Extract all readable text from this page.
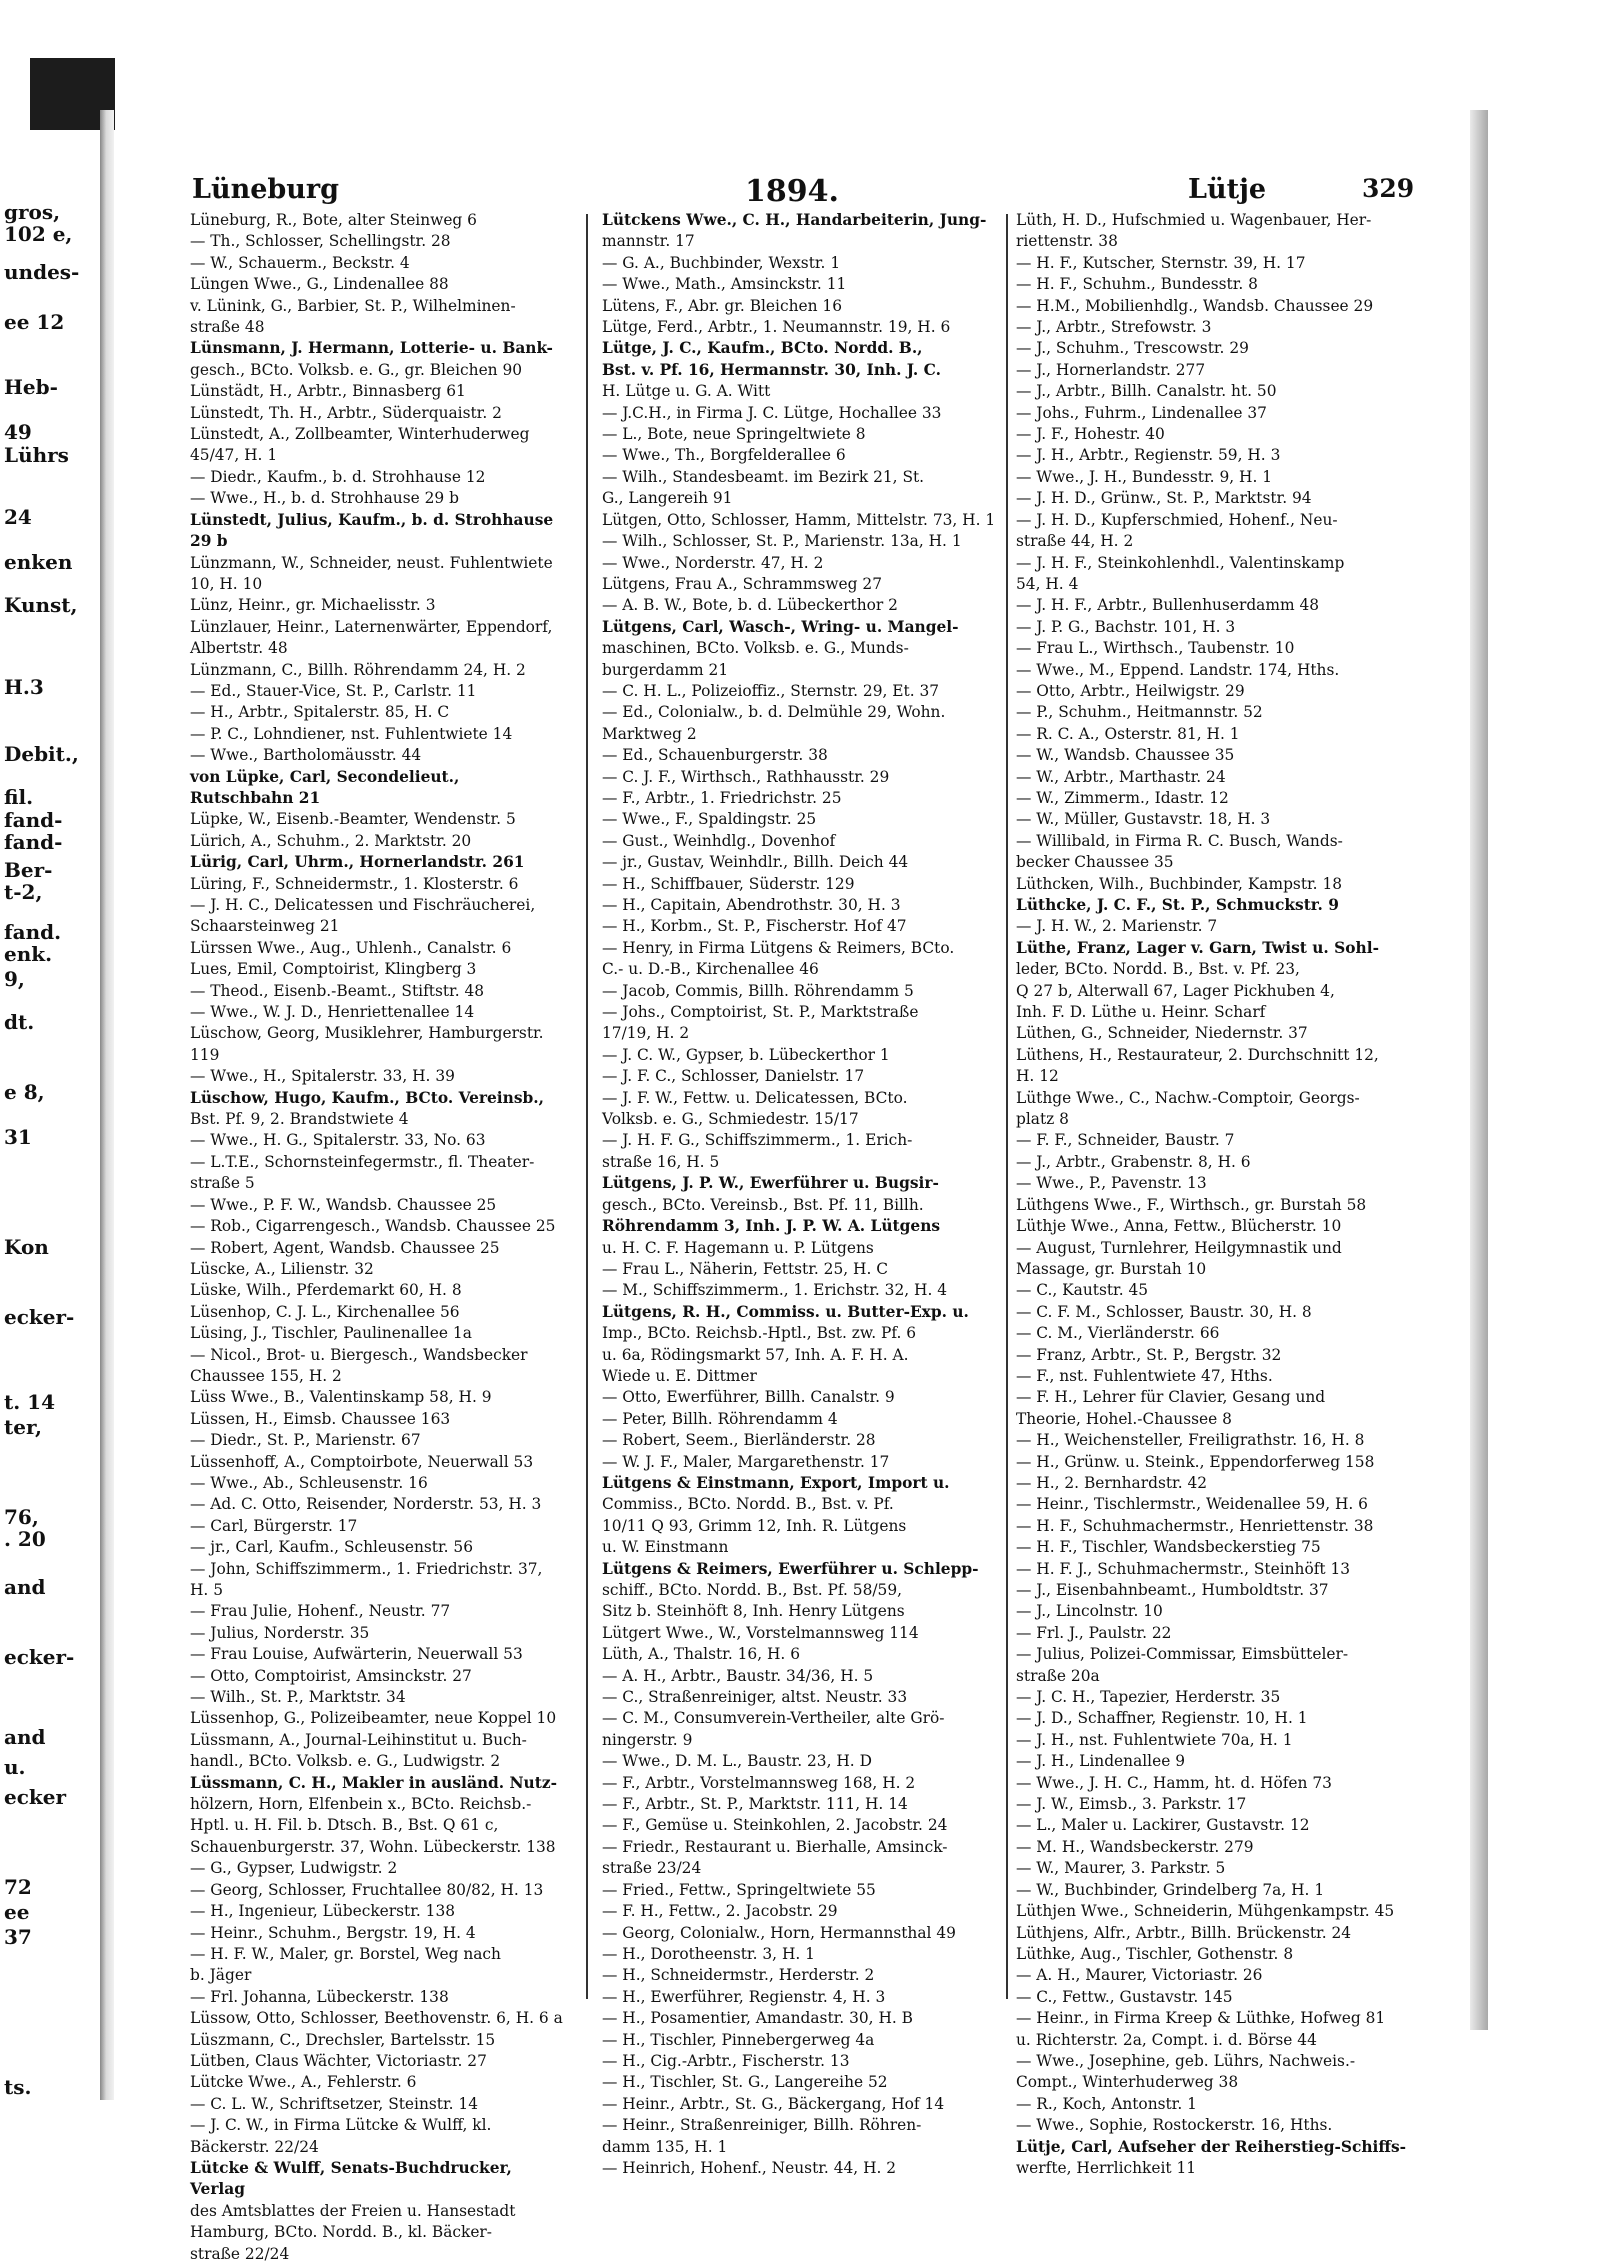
gros,
102 e,
undes-
ee 12
Heb-
49
Lührs
24
enken
Kunst,
H.3
Debit.,
fil.
fand-
fand-
Ber-
t-2,
fand.
enk.
9,
dt.
e 8,
31
Kon
ecker-
t. 14
ter,
76,
. 20
and
ecker-
and
u.
ecker
72
ee
37
ts.
Lüneburg	1894.	Lütje	329
Lüneburg, R., Bote, alter Steinweg 6
— Th., Schlosser, Schellingstr. 28
— W., Schauerm., Beckstr. 4
Lüngen Wwe., G., Lindenallee 88
v. Lünink, G., Barbier, St. P., Wilhelminen-
straße 48
Lünsmann, J. Hermann, Lotterie- u. Bank-
gesch., BCto. Volksb. e. G., gr. Bleichen 90
Lünstädt, H., Arbtr., Binnasberg 61
Lünstedt, Th. H., Arbtr., Süderquaistr. 2
Lünstedt, A., Zollbeamter, Winterhuderweg
45/47, H. 1
— Diedr., Kaufm., b. d. Strohhause 12
— Wwe., H., b. d. Strohhause 29 b
Lünstedt, Julius, Kaufm., b. d. Strohhause 29 b
Lünzmann, W., Schneider, neust. Fuhlentwiete
10, H. 10
Lünz, Heinr., gr. Michaelisstr. 3
Lünzlauer, Heinr., Laternenwärter, Eppendorf,
Albertstr. 48
Lünzmann, C., Billh. Röhrendamm 24, H. 2
— Ed., Stauer-Vice, St. P., Carlstr. 11
— H., Arbtr., Spitalerstr. 85, H. C
— P. C., Lohndiener, nst. Fuhlentwiete 14
— Wwe., Bartholomäusstr. 44
von Lüpke, Carl, Secondelieut., Rutschbahn 21
Lüpke, W., Eisenb.-Beamter, Wendenstr. 5
Lürich, A., Schuhm., 2. Marktstr. 20
Lürig, Carl, Uhrm., Hornerlandstr. 261
Lüring, F., Schneidermstr., 1. Klosterstr. 6
— J. H. C., Delicatessen und Fischräucherei,
Schaarsteinweg 21
Lürssen Wwe., Aug., Uhlenh., Canalstr. 6
Lues, Emil, Comptoirist, Klingberg 3
— Theod., Eisenb.-Beamt., Stiftstr. 48
— Wwe., W. J. D., Henriettenallee 14
Lüschow, Georg, Musiklehrer, Hamburgerstr. 119
— Wwe., H., Spitalerstr. 33, H. 39
Lüschow, Hugo, Kaufm., BCto. Vereinsb.,
Bst. Pf. 9, 2. Brandstwiete 4
— Wwe., H. G., Spitalerstr. 33, No. 63
— L.T.E., Schornsteinfegermstr., fl. Theater-
straße 5
— Wwe., P. F. W., Wandsb. Chaussee 25
— Rob., Cigarrengesch., Wandsb. Chaussee 25
— Robert, Agent, Wandsb. Chaussee 25
Lüscke, A., Lilienstr. 32
Lüske, Wilh., Pferdemarkt 60, H. 8
Lüsenhop, C. J. L., Kirchenallee 56
Lüsing, J., Tischler, Paulinenallee 1a
— Nicol., Brot- u. Biergesch., Wandsbecker
Chaussee 155, H. 2
Lüss Wwe., B., Valentinskamp 58, H. 9
Lüssen, H., Eimsb. Chaussee 163
— Diedr., St. P., Marienstr. 67
Lüssenhoff, A., Comptoirbote, Neuerwall 53
— Wwe., Ab., Schleusenstr. 16
— Ad. C. Otto, Reisender, Norderstr. 53, H. 3
— Carl, Bürgerstr. 17
— jr., Carl, Kaufm., Schleusenstr. 56
— John, Schiffszimmerm., 1. Friedrichstr. 37,
H. 5
— Frau Julie, Hohenf., Neustr. 77
— Julius, Norderstr. 35
— Frau Louise, Aufwärterin, Neuerwall 53
— Otto, Comptoirist, Amsinckstr. 27
— Wilh., St. P., Marktstr. 34
Lüssenhop, G., Polizeibeamter, neue Koppel 10
Lüssmann, A., Journal-Leihinstitut u. Buch-
handl., BCto. Volksb. e. G., Ludwigstr. 2
Lüssmann, C. H., Makler in ausländ. Nutz-
hölzern, Horn, Elfenbein x., BCto. Reichsb.-
Hptl. u. H. Fil. b. Dtsch. B., Bst. Q 61 c,
Schauenburgerstr. 37, Wohn. Lübeckerstr. 138
— G., Gypser, Ludwigstr. 2
— Georg, Schlosser, Fruchtallee 80/82, H. 13
— H., Ingenieur, Lübeckerstr. 138
— Heinr., Schuhm., Bergstr. 19, H. 4
— H. F. W., Maler, gr. Borstel, Weg nach
b. Jäger
— Frl. Johanna, Lübeckerstr. 138
Lüssow, Otto, Schlosser, Beethovenstr. 6, H. 6 a
Lüszmann, C., Drechsler, Bartelsstr. 15
Lütben, Claus Wächter, Victoriastr. 27
Lütcke Wwe., A., Fehlerstr. 6
— C. L. W., Schriftsetzer, Steinstr. 14
— J. C. W., in Firma Lütcke & Wulff, kl.
Bäckerstr. 22/24
Lütcke & Wulff, Senats-Buchdrucker, Verlag
des Amtsblattes der Freien u. Hansestadt
Hamburg, BCto. Nordd. B., kl. Bäcker-
straße 22/24
Lütckens Wwe., C. H., Handarbeiterin, Jung-
mannstr. 17
— G. A., Buchbinder, Wexstr. 1
— Wwe., Math., Amsinckstr. 11
Lütens, F., Abr. gr. Bleichen 16
Lütge, Ferd., Arbtr., 1. Neumannstr. 19, H. 6
Lütge, J. C., Kaufm., BCto. Nordd. B.,
Bst. v. Pf. 16, Hermannstr. 30, Inh. J. C.
H. Lütge u. G. A. Witt
— J.C.H., in Firma J. C. Lütge, Hochallee 33
— L., Bote, neue Springeltwiete 8
— Wwe., Th., Borgfelderallee 6
— Wilh., Standesbeamt. im Bezirk 21, St.
G., Langereih 91
Lütgen, Otto, Schlosser, Hamm, Mittelstr. 73, H. 1
— Wilh., Schlosser, St. P., Marienstr. 13a, H. 1
— Wwe., Norderstr. 47, H. 2
Lütgens, Frau A., Schrammsweg 27
— A. B. W., Bote, b. d. Lübeckerthor 2
Lütgens, Carl, Wasch-, Wring- u. Mangel-
maschinen, BCto. Volksb. e. G., Munds-
burgerdamm 21
— C. H. L., Polizeioffiz., Sternstr. 29, Et. 37
— Ed., Colonialw., b. d. Delmühle 29, Wohn.
Marktweg 2
— Ed., Schauenburgerstr. 38
— C. J. F., Wirthsch., Rathhausstr. 29
— F., Arbtr., 1. Friedrichstr. 25
— Wwe., F., Spaldingstr. 25
— Gust., Weinhdlg., Dovenhof
— jr., Gustav, Weinhdlr., Billh. Deich 44
— H., Schiffbauer, Süderstr. 129
— H., Capitain, Abendrothstr. 30, H. 3
— H., Korbm., St. P., Fischerstr. Hof 47
— Henry, in Firma Lütgens & Reimers, BCto.
C.- u. D.-B., Kirchenallee 46
— Jacob, Commis, Billh. Röhrendamm 5
— Johs., Comptoirist, St. P., Marktstraße
17/19, H. 2
— J. C. W., Gypser, b. Lübeckerthor 1
— J. F. C., Schlosser, Danielstr. 17
— J. F. W., Fettw. u. Delicatessen, BCto.
Volksb. e. G., Schmiedestr. 15/17
— J. H. F. G., Schiffszimmerm., 1. Erich-
straße 16, H. 5
Lütgens, J. P. W., Ewerführer u. Bugsir-
gesch., BCto. Vereinsb., Bst. Pf. 11, Billh.
Röhrendamm 3, Inh. J. P. W. A. Lütgens
u. H. C. F. Hagemann u. P. Lütgens
— Frau L., Näherin, Fettstr. 25, H. C
— M., Schiffszimmerm., 1. Erichstr. 32, H. 4
Lütgens, R. H., Commiss. u. Butter-Exp. u.
Imp., BCto. Reichsb.-Hptl., Bst. zw. Pf. 6
u. 6a, Rödingsmarkt 57, Inh. A. F. H. A.
Wiede u. E. Dittmer
— Otto, Ewerführer, Billh. Canalstr. 9
— Peter, Billh. Röhrendamm 4
— Robert, Seem., Bierländerstr. 28
— W. J. F., Maler, Margarethenstr. 17
Lütgens & Einstmann, Export, Import u.
Commiss., BCto. Nordd. B., Bst. v. Pf.
10/11 Q 93, Grimm 12, Inh. R. Lütgens
u. W. Einstmann
Lütgens & Reimers, Ewerführer u. Schlepp-
schiff., BCto. Nordd. B., Bst. Pf. 58/59,
Sitz b. Steinhöft 8, Inh. Henry Lütgens
Lütgert Wwe., W., Vorstelmannsweg 114
Lüth, A., Thalstr. 16, H. 6
— A. H., Arbtr., Baustr. 34/36, H. 5
— C., Straßenreiniger, altst. Neustr. 33
— C. M., Consumverein-Vertheiler, alte Grö-
ningerstr. 9
— Wwe., D. M. L., Baustr. 23, H. D
— F., Arbtr., Vorstelmannsweg 168, H. 2
— F., Arbtr., St. P., Marktstr. 111, H. 14
— F., Gemüse u. Steinkohlen, 2. Jacobstr. 24
— Friedr., Restaurant u. Bierhalle, Amsinck-
straße 23/24
— Fried., Fettw., Springeltwiete 55
— F. H., Fettw., 2. Jacobstr. 29
— Georg, Colonialw., Horn, Hermannsthal 49
— H., Dorotheenstr. 3, H. 1
— H., Schneidermstr., Herderstr. 2
— H., Ewerführer, Regienstr. 4, H. 3
— H., Posamentier, Amandastr. 30, H. B
— H., Tischler, Pinnebergerweg 4a
— H., Cig.-Arbtr., Fischerstr. 13
— H., Tischler, St. G., Langereihe 52
— Heinr., Arbtr., St. G., Bäckergang, Hof 14
— Heinr., Straßenreiniger, Billh. Röhren-
damm 135, H. 1
— Heinrich, Hohenf., Neustr. 44, H. 2
Lüth, H. D., Hufschmied u. Wagenbauer, Her-
riettenstr. 38
— H. F., Kutscher, Sternstr. 39, H. 17
— H. F., Schuhm., Bundesstr. 8
— H.M., Mobilienhdlg., Wandsb. Chaussee 29
— J., Arbtr., Strefowstr. 3
— J., Schuhm., Trescowstr. 29
— J., Hornerlandstr. 277
— J., Arbtr., Billh. Canalstr. ht. 50
— Johs., Fuhrm., Lindenallee 37
— J. F., Hohestr. 40
— J. H., Arbtr., Regienstr. 59, H. 3
— Wwe., J. H., Bundesstr. 9, H. 1
— J. H. D., Grünw., St. P., Marktstr. 94
— J. H. D., Kupferschmied, Hohenf., Neu-
straße 44, H. 2
— J. H. F., Steinkohlenhdl., Valentinskamp
54, H. 4
— J. H. F., Arbtr., Bullenhuserdamm 48
— J. P. G., Bachstr. 101, H. 3
— Frau L., Wirthsch., Taubenstr. 10
— Wwe., M., Eppend. Landstr. 174, Hths.
— Otto, Arbtr., Heilwigstr. 29
— P., Schuhm., Heitmannstr. 52
— R. C. A., Osterstr. 81, H. 1
— W., Wandsb. Chaussee 35
— W., Arbtr., Marthastr. 24
— W., Zimmerm., Idastr. 12
— W., Müller, Gustavstr. 18, H. 3
— Willibald, in Firma R. C. Busch, Wands-
becker Chaussee 35
Lüthcken, Wilh., Buchbinder, Kampstr. 18
Lüthcke, J. C. F., St. P., Schmuckstr. 9
— J. H. W., 2. Marienstr. 7
Lüthe, Franz, Lager v. Garn, Twist u. Sohl-
leder, BCto. Nordd. B., Bst. v. Pf. 23,
Q 27 b, Alterwall 67, Lager Pickhuben 4,
Inh. F. D. Lüthe u. Heinr. Scharf
Lüthen, G., Schneider, Niedernstr. 37
Lüthens, H., Restaurateur, 2. Durchschnitt 12,
H. 12
Lüthge Wwe., C., Nachw.-Comptoir, Georgs-
platz 8
— F. F., Schneider, Baustr. 7
— J., Arbtr., Grabenstr. 8, H. 6
— Wwe., P., Pavenstr. 13
Lüthgens Wwe., F., Wirthsch., gr. Burstah 58
Lüthje Wwe., Anna, Fettw., Blücherstr. 10
— August, Turnlehrer, Heilgymnastik und
Massage, gr. Burstah 10
— C., Kautstr. 45
— C. F. M., Schlosser, Baustr. 30, H. 8
— C. M., Vierländerstr. 66
— Franz, Arbtr., St. P., Bergstr. 32
— F., nst. Fuhlentwiete 47, Hths.
— F. H., Lehrer für Clavier, Gesang und
Theorie, Hohel.-Chaussee 8
— H., Weichensteller, Freiligrathstr. 16, H. 8
— H., Grünw. u. Steink., Eppendorferweg 158
— H., 2. Bernhardstr. 42
— Heinr., Tischlermstr., Weidenallee 59, H. 6
— H. F., Schuhmachermstr., Henriettenstr. 38
— H. F., Tischler, Wandsbeckerstieg 75
— H. F. J., Schuhmachermstr., Steinhöft 13
— J., Eisenbahnbeamt., Humboldtstr. 37
— J., Lincolnstr. 10
— Frl. J., Paulstr. 22
— Julius, Polizei-Commissar, Eimsbütteler-
straße 20a
— J. C. H., Tapezier, Herderstr. 35
— J. D., Schaffner, Regienstr. 10, H. 1
— J. H., nst. Fuhlentwiete 70a, H. 1
— J. H., Lindenallee 9
— Wwe., J. H. C., Hamm, ht. d. Höfen 73
— J. W., Eimsb., 3. Parkstr. 17
— L., Maler u. Lackirer, Gustavstr. 12
— M. H., Wandsbeckerstr. 279
— W., Maurer, 3. Parkstr. 5
— W., Buchbinder, Grindelberg 7a, H. 1
Lüthjen Wwe., Schneiderin, Mühgenkampstr. 45
Lüthjens, Alfr., Arbtr., Billh. Brückenstr. 24
Lüthke, Aug., Tischler, Gothenstr. 8
— A. H., Maurer, Victoriastr. 26
— C., Fettw., Gustavstr. 145
— Heinr., in Firma Kreep & Lüthke, Hofweg 81
u. Richterstr. 2a, Compt. i. d. Börse 44
— Wwe., Josephine, geb. Lührs, Nachweis.-
Compt., Winterhuderweg 38
— R., Koch, Antonstr. 1
— Wwe., Sophie, Rostockerstr. 16, Hths.
Lütje, Carl, Aufseher der Reiherstieg-Schiffs-
werfte, Herrlichkeit 11
